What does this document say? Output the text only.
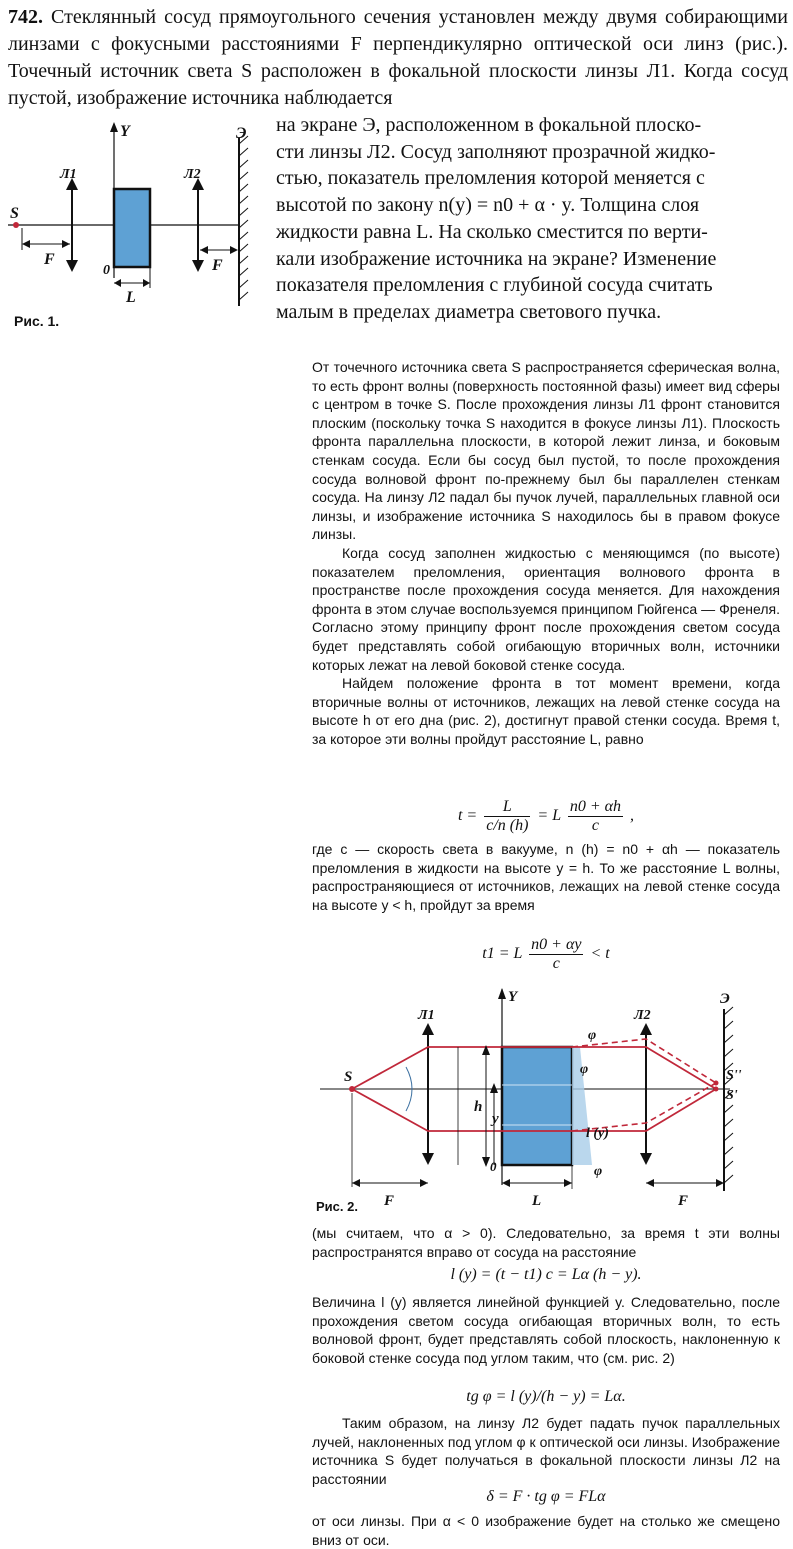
742. Стеклянный сосуд прямоугольного сечения установлен между двумя собирающими линзами с фокусными расстояниями F перпендикулярно оптической оси линз (рис.). Точечный источник света S расположен в фокальной плоскости линзы Л1. Когда сосуд пустой, изображение источника наблюдается
Y
Л1	Л2
Э
S
F	F
0
L
Рис. 1.
на экране Э, расположенном в фокальной плоско-
сти линзы Л2. Сосуд заполняют прозрачной жидко-
стью, показатель преломления которой меняется с
высотой по закону n(y) = n0 + α · y. Толщина слоя
жидкости равна L. На сколько сместится по верти-
кали изображение источника на экране? Изменение
показателя преломления с глубиной сосуда считать
малым в пределах диаметра светового пучка.

От точечного источника света S распространяется сферическая волна, то есть фронт волны (поверхность постоянной фазы) имеет вид сферы с центром в точке S. После прохождения линзы Л1 фронт становится плоским (поскольку точка S находится в фокусе линзы Л1). Плоскость фронта параллельна плоскости, в которой лежит линза, и боковым стенкам сосуда. Если бы сосуд был пустой, то после прохождения сосуда волновой фронт по-прежнему был бы параллелен стенкам сосуда. На линзу Л2 падал бы пучок лучей, параллельных главной оси линзы, и изображение источника S находилось бы в правом фокусе линзы.

Когда сосуд заполнен жидкостью с меняющимся (по высоте) показателем преломления, ориентация волнового фронта в пространстве после прохождения сосуда меняется. Для нахождения фронта в этом случае воспользуемся принципом Гюйгенса — Френеля. Согласно этому принципу фронт после прохождения светом сосуда будет представлять собой огибающую вторичных волн, источники которых лежат на левой боковой стенке сосуда.

Найдем положение фронта в тот момент времени, когда вторичные волны от источников, лежащих на левой стенке сосуда на высоте h от его дна (рис. 2), достигнут правой стенки сосуда. Время t, за которое эти волны пройдут расстояние L, равно

$t = \frac{L}{c/n (h)} = L \frac{n0 + \alpha h}{c}$ ,

где c — скорость света в вакууме, n (h) = n0 + αh — показатель преломления в жидкости на высоте y = h. То же расстояние L волны, распространяющиеся от источников, лежащих на левой стенке сосуда на высоте y < h, пройдут за время

t1 = L $\frac{n0 + \alpha y}{c} < t$
Y
Л1	Л2
Э
S	S''
S'
h
y
φ
φ
l (y)
φ
0
L
F	F
Рис. 2.

(мы считаем, что α > 0). Следовательно, за время t эти волны распространятся вправо от сосуда на расстояние

l (y) = (t − t1) c = Lα (h − y).

Величина l (y) является линейной функцией y. Следовательно, после прохождения светом сосуда огибающая вторичных волн, то есть волновой фронт, будет представлять собой плоскость, наклоненную к боковой стенке сосуда под углом таким, что (см. рис. 2)

tg φ = l (y)/(h − y) = Lα.

Таким образом, на линзу Л2 будет падать пучок параллельных лучей, наклоненных под углом φ к оптической оси линзы. Изображение источника S будет получаться в фокальной плоскости линзы Л2 на расстоянии

δ = F · tg φ = FLα

от оси линзы. При α < 0 изображение будет на столько же смещено вниз от оси.
